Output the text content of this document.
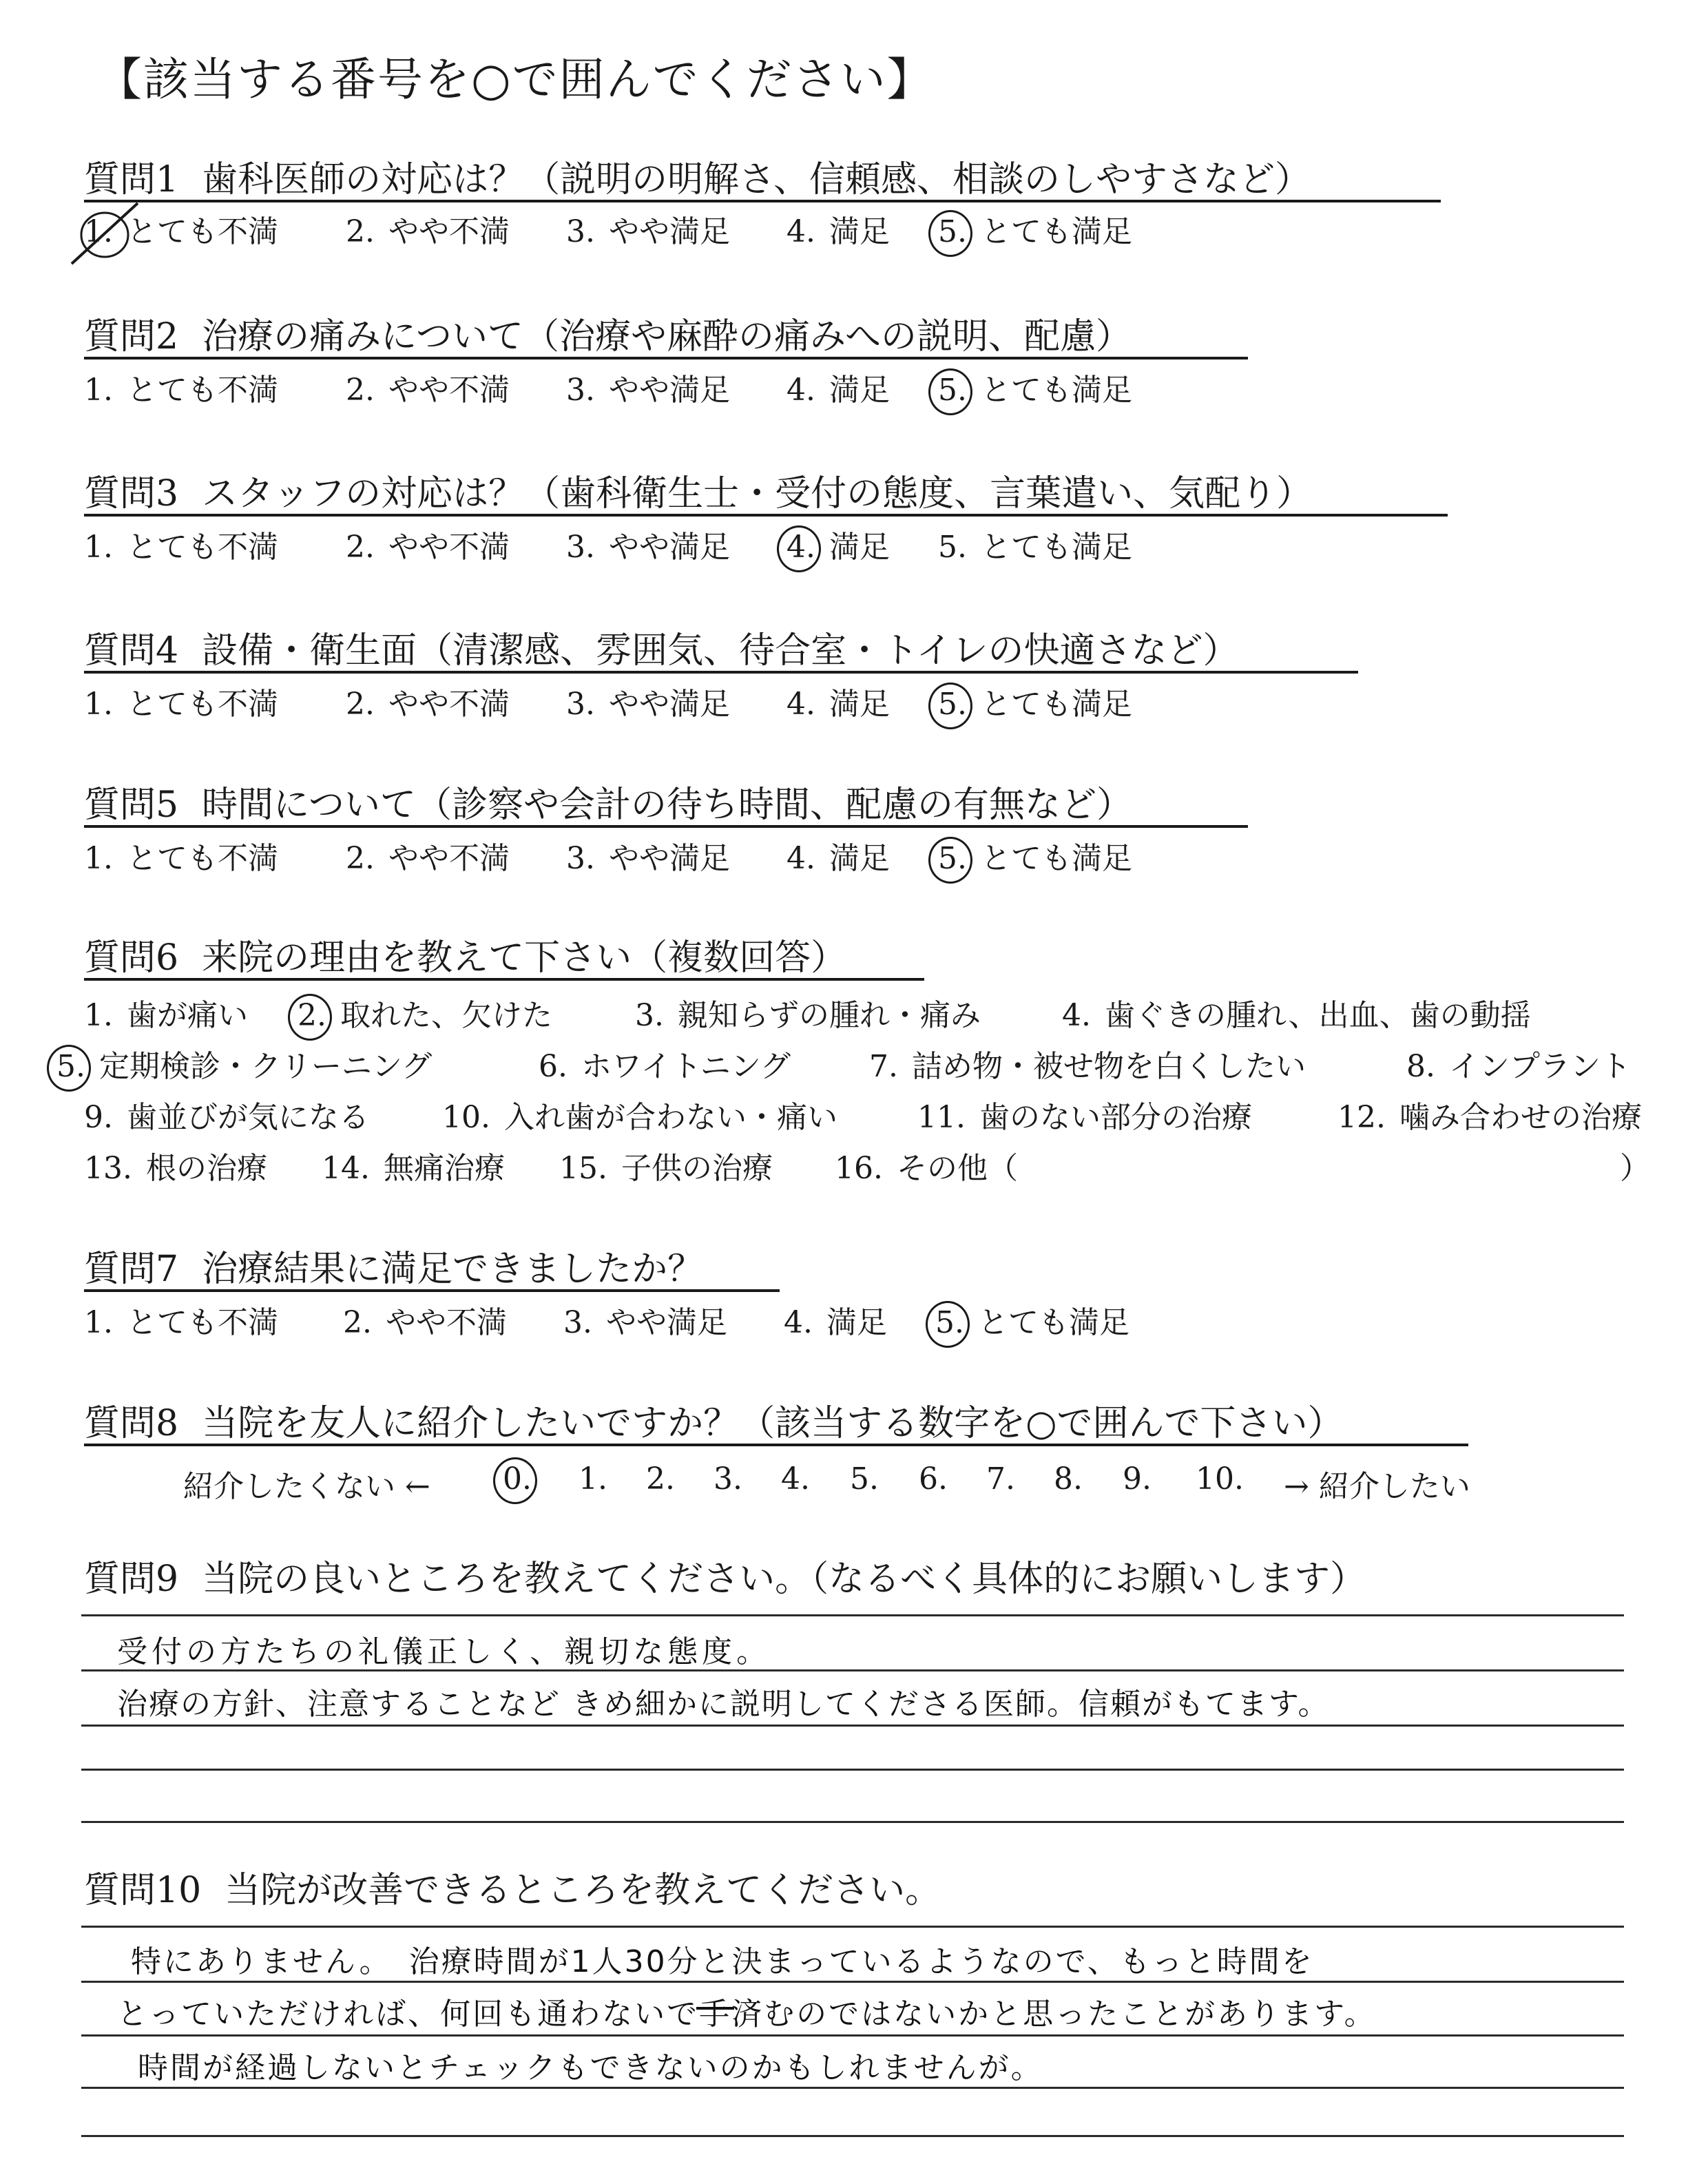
【該当する番号を○で囲んでください】
質問1 歯科医師の対応は？（説明の明解さ、信頼感、相談のしやすさなど）
1. とても不満 2. やや不満 3. やや満足 4. 満足 5. とても満足
質問2 治療の痛みについて（治療や麻酔の痛みへの説明、配慮）
1. とても不満 2. やや不満 3. やや満足 4. 満足 5. とても満足
質問3 スタッフの対応は？（歯科衛生士・受付の態度、言葉遣い、気配り）
1. とても不満 2. やや不満 3. やや満足 4. 満足 5. とても満足
質問4 設備・衛生面（清潔感、雰囲気、待合室・トイレの快適さなど）
1. とても不満 2. やや不満 3. やや満足 4. 満足 5. とても満足
質問5 時間について（診察や会計の待ち時間、配慮の有無など）
1. とても不満 2. やや不満 3. やや満足 4. 満足 5. とても満足
質問6 来院の理由を教えて下さい（複数回答）
1. 歯が痛い 2. 取れた、欠けた	3. 親知らずの腫れ・痛み	4. 歯ぐきの腫れ、出血、歯の動揺
5. 定期検診・クリーニング	6. ホワイトニング	7. 詰め物・被せ物を白くしたい	8. インプラント
9. 歯並びが気になる 10. 入れ歯が合わない・痛い	11. 歯のない部分の治療	12. 噛み合わせの治療
13. 根の治療 14. 無痛治療 15. 子供の治療 16. その他（	）
質問7 治療結果に満足できましたか？
1. とても不満 2. やや不満 3. やや満足 4. 満足 5. とても満足
質問8 当院を友人に紹介したいですか？（該当する数字を○で囲んで下さい）
紹介したくない ← 0. 1. 2. 3. 4. 5. 6. 7. 8. 9. 10. → 紹介したい
質問9 当院の良いところを教えてください。（なるべく具体的にお願いします）
受付の方たちの礼儀正しく、親切な態度。
治療の方針、注意することなど きめ細かに説明してくださる医師。信頼がもてます。
質問10 当院が改善できるところを教えてください。
特にありません。　治療時間が1人30分と決まっているようなので、もっと時間を
とっていただければ、何回も通わないで手
済むのではないかと思ったことがあります。
時間が経過しないとチェックもできないのかもしれませんが。
